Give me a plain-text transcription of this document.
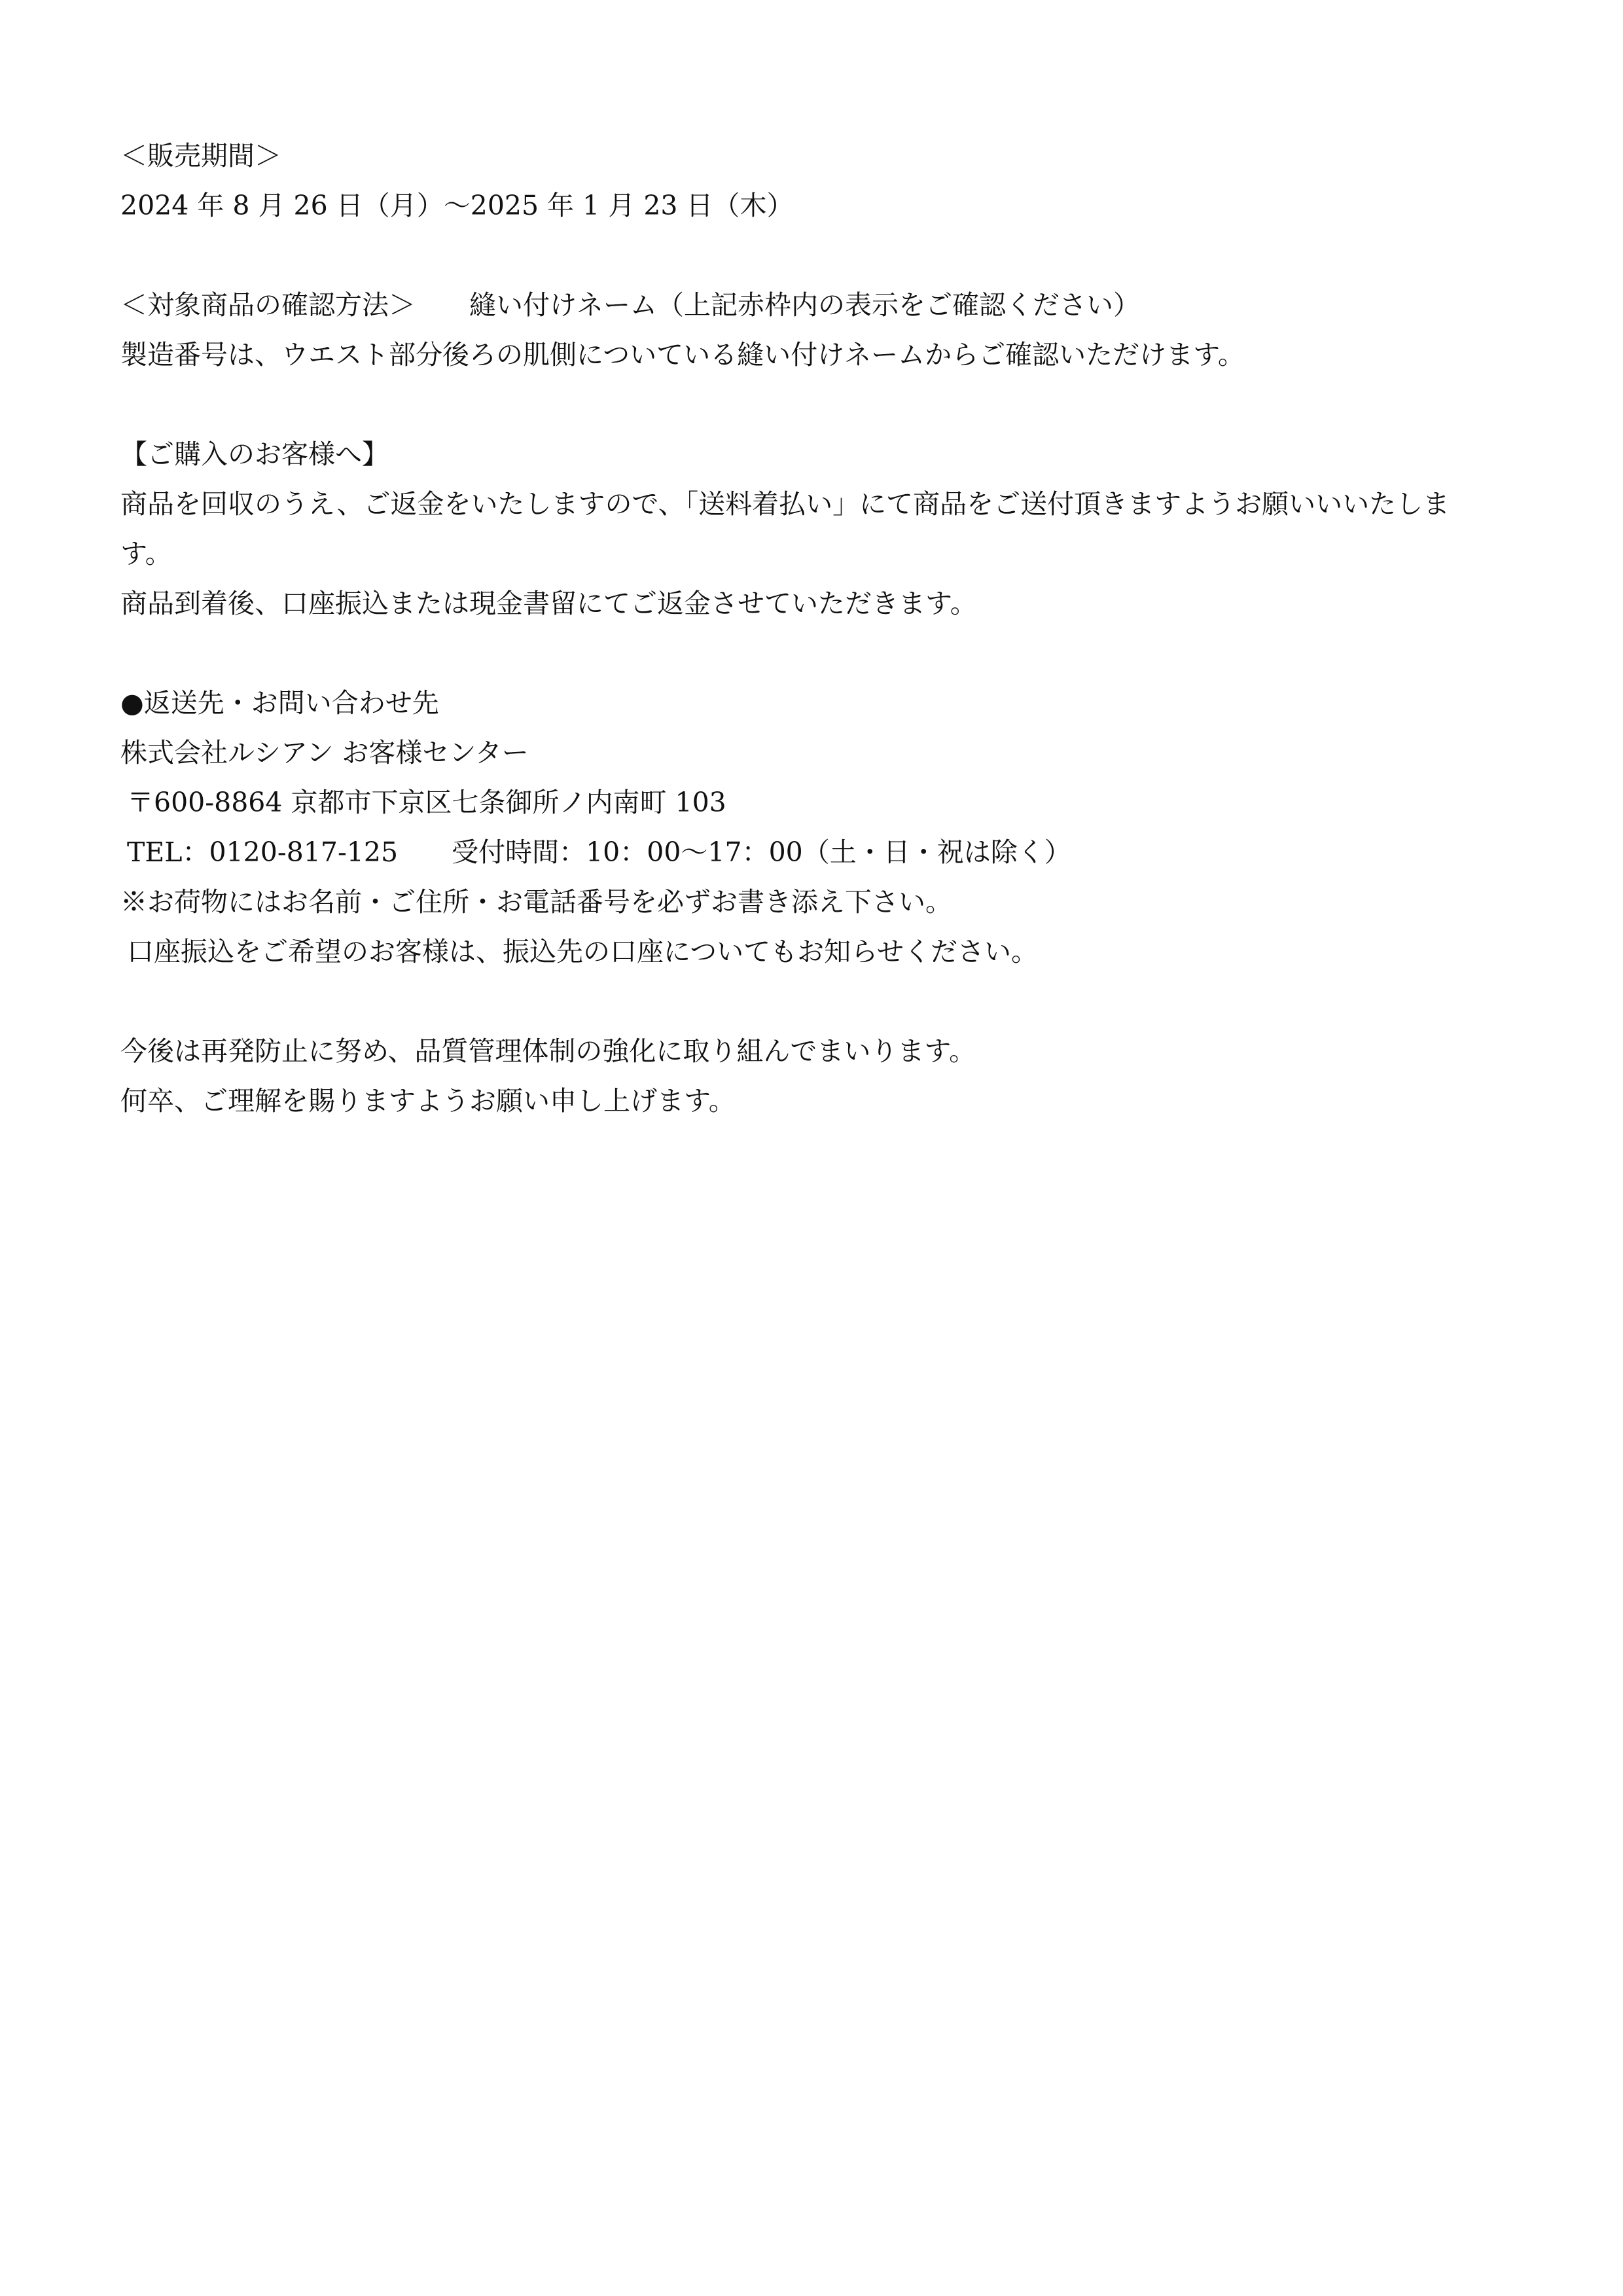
＜販売期間＞
2024 年 8 月 26 日（月）～2025 年 1 月 23 日（木）
＜対象商品の確認方法＞　　縫い付けネーム（上記赤枠内の表示をご確認ください）
製造番号は、ウエスト部分後ろの肌側についている縫い付けネームからご確認いただけます。
【ご購入のお客様へ】
商品を回収のうえ、ご返金をいたしますので、「送料着払い」にて商品をご送付頂きますようお願いいいたしま
す。
商品到着後、口座振込または現金書留にてご返金させていただきます。
●返送先・お問い合わせ先
株式会社ルシアン お客様センター
〒600-8864 京都市下京区七条御所ノ内南町 103
TEL：0120-817-125　　受付時間：10：00～17：00（土・日・祝は除く）
※お荷物にはお名前・ご住所・お電話番号を必ずお書き添え下さい。
口座振込をご希望のお客様は、振込先の口座についてもお知らせください。
今後は再発防止に努め、品質管理体制の強化に取り組んでまいります。
何卒、ご理解を賜りますようお願い申し上げます。
